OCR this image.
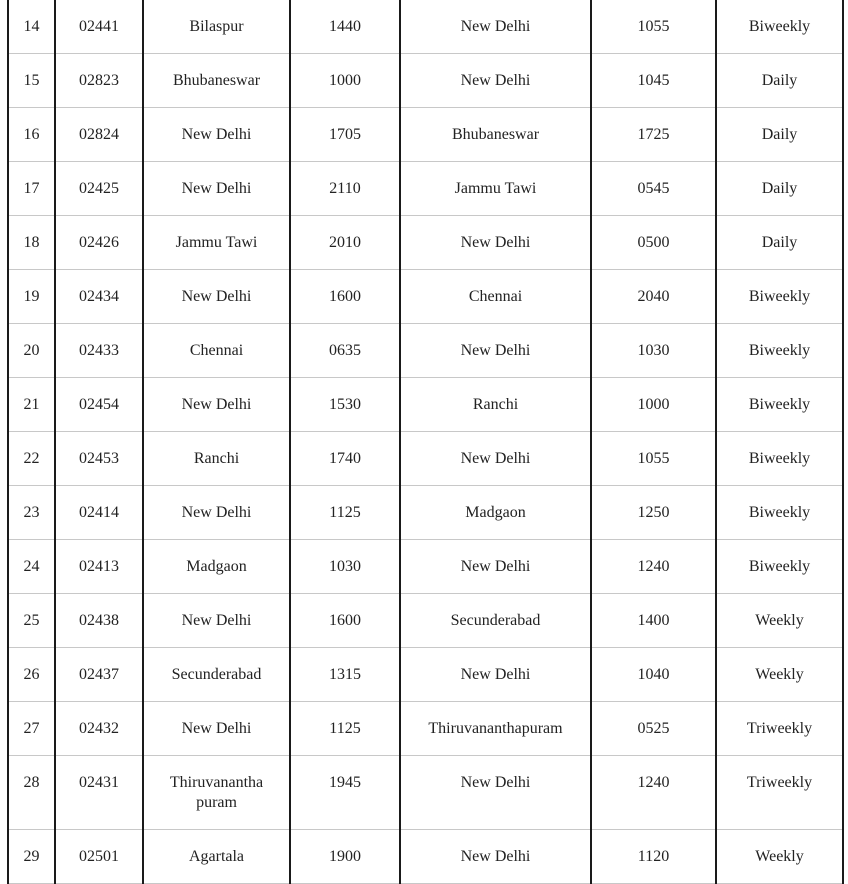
14	02441	Bilaspur	1440	New Delhi	1055	Biweekly
15	02823	Bhubaneswar	1000	New Delhi	1045	Daily
16	02824	New Delhi	1705	Bhubaneswar	1725	Daily
17	02425	New Delhi	2110	Jammu Tawi	0545	Daily
18	02426	Jammu Tawi	2010	New Delhi	0500	Daily
19	02434	New Delhi	1600	Chennai	2040	Biweekly
20	02433	Chennai	0635	New Delhi	1030	Biweekly
21	02454	New Delhi	1530	Ranchi	1000	Biweekly
22	02453	Ranchi	1740	New Delhi	1055	Biweekly
23	02414	New Delhi	1125	Madgaon	1250	Biweekly
24	02413	Madgaon	1030	New Delhi	1240	Biweekly
25	02438	New Delhi	1600	Secunderabad	1400	Weekly
26	02437	Secunderabad	1315	New Delhi	1040	Weekly
27	02432	New Delhi	1125	Thiruvananthapuram	0525	Triweekly
28	02431	Thiruvanantha puram	1945	New Delhi	1240	Triweekly
29	02501	Agartala	1900	New Delhi	1120	Weekly
